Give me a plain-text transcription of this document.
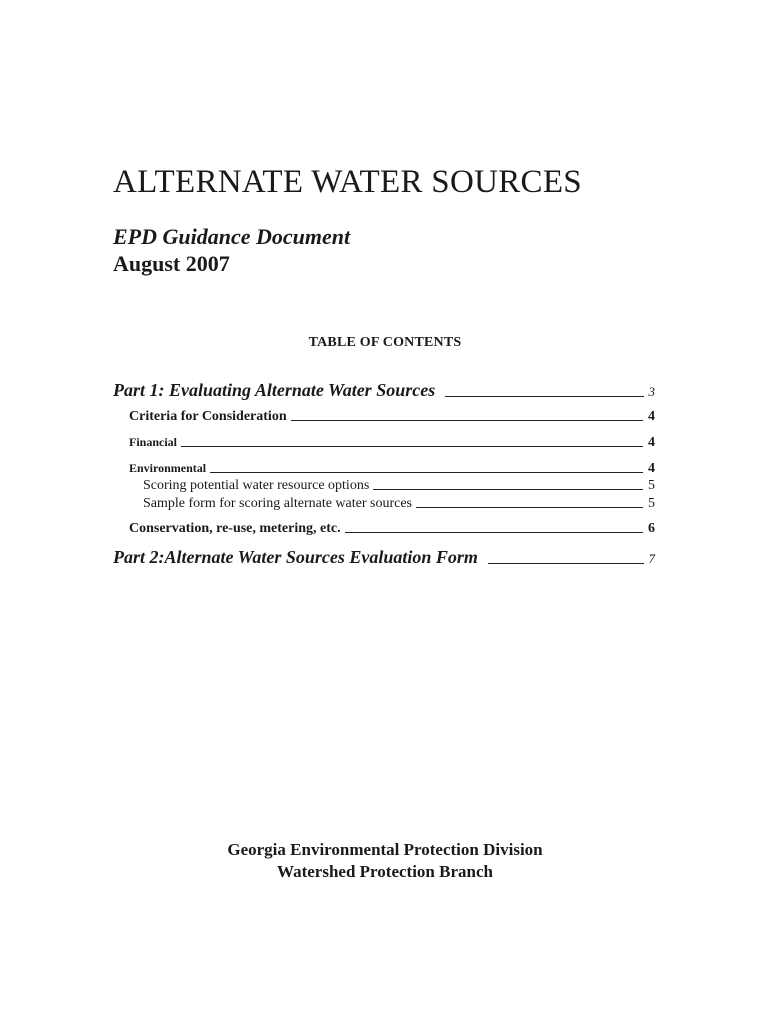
ALTERNATE WATER SOURCES
EPD Guidance Document
August 2007
TABLE OF CONTENTS
Part 1: Evaluating Alternate Water Sources	3
Criteria for Consideration	4
Financial	4
Environmental	4
Scoring potential water resource options	5
Sample form for scoring alternate water sources	5
Conservation, re-use, metering, etc.	6
Part 2:Alternate Water Sources Evaluation Form	7
Georgia Environmental Protection Division
Watershed Protection Branch
